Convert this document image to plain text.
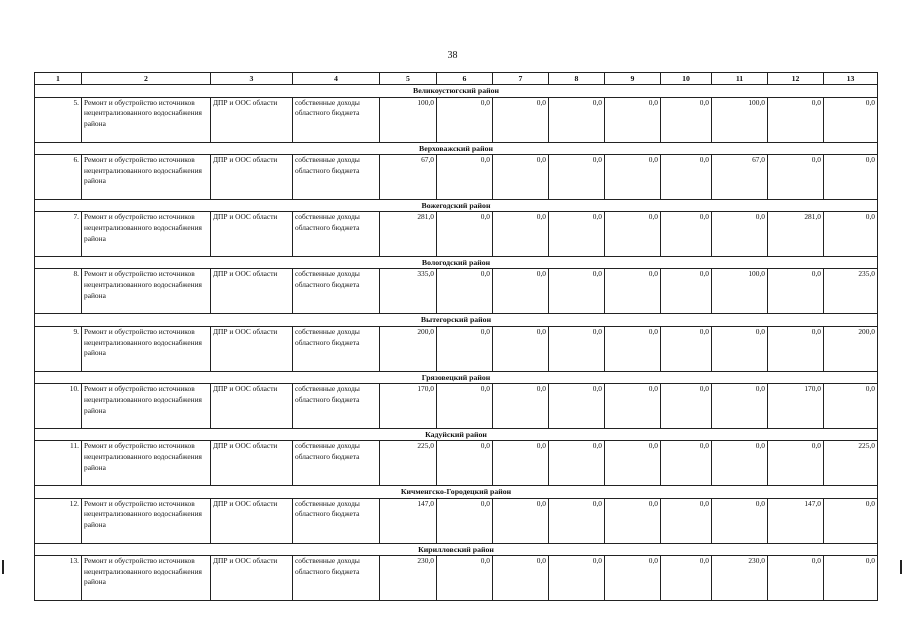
38
1	2	3	4	5	6	7	8	9	10	11	12	13
Великоустюгский район												
5.	Ремонт и обустройство источников нецентрализованного водоснабжения района	ДПР и ООС области	собственные доходы областного бюджета	100,0	0,0	0,0	0,0	0,0	0,0	100,0	0,0	0,0
Верховажский район												
6.	Ремонт и обустройство источников нецентрализованного водоснабжения района	ДПР и ООС области	собственные доходы областного бюджета	67,0	0,0	0,0	0,0	0,0	0,0	67,0	0,0	0,0
Вожегодский район												
7.	Ремонт и обустройство источников нецентрализованного водоснабжения района	ДПР и ООС области	собственные доходы областного бюджета	281,0	0,0	0,0	0,0	0,0	0,0	0,0	281,0	0,0
Вологодский район												
8.	Ремонт и обустройство источников нецентрализованного водоснабжения района	ДПР и ООС области	собственные доходы областного бюджета	335,0	0,0	0,0	0,0	0,0	0,0	100,0	0,0	235,0
Вытегорский район												
9.	Ремонт и обустройство источников нецентрализованного водоснабжения района	ДПР и ООС области	собственные доходы областного бюджета	200,0	0,0	0,0	0,0	0,0	0,0	0,0	0,0	200,0
Грязовецкий район												
10.	Ремонт и обустройство источников нецентрализованного водоснабжения района	ДПР и ООС области	собственные доходы областного бюджета	170,0	0,0	0,0	0,0	0,0	0,0	0,0	170,0	0,0
Кадуйский район												
11.	Ремонт и обустройство источников нецентрализованного водоснабжения района	ДПР и ООС области	собственные доходы областного бюджета	225,0	0,0	0,0	0,0	0,0	0,0	0,0	0,0	225,0
Кичменгско-Городецкий район												
12.	Ремонт и обустройство источников нецентрализованного водоснабжения района	ДПР и ООС области	собственные доходы областного бюджета	147,0	0,0	0,0	0,0	0,0	0,0	0,0	147,0	0,0
Кирилловский район												
13.	Ремонт и обустройство источников нецентрализованного водоснабжения района	ДПР и ООС области	собственные доходы областного бюджета	230,0	0,0	0,0	0,0	0,0	0,0	230,0	0,0	0,0
